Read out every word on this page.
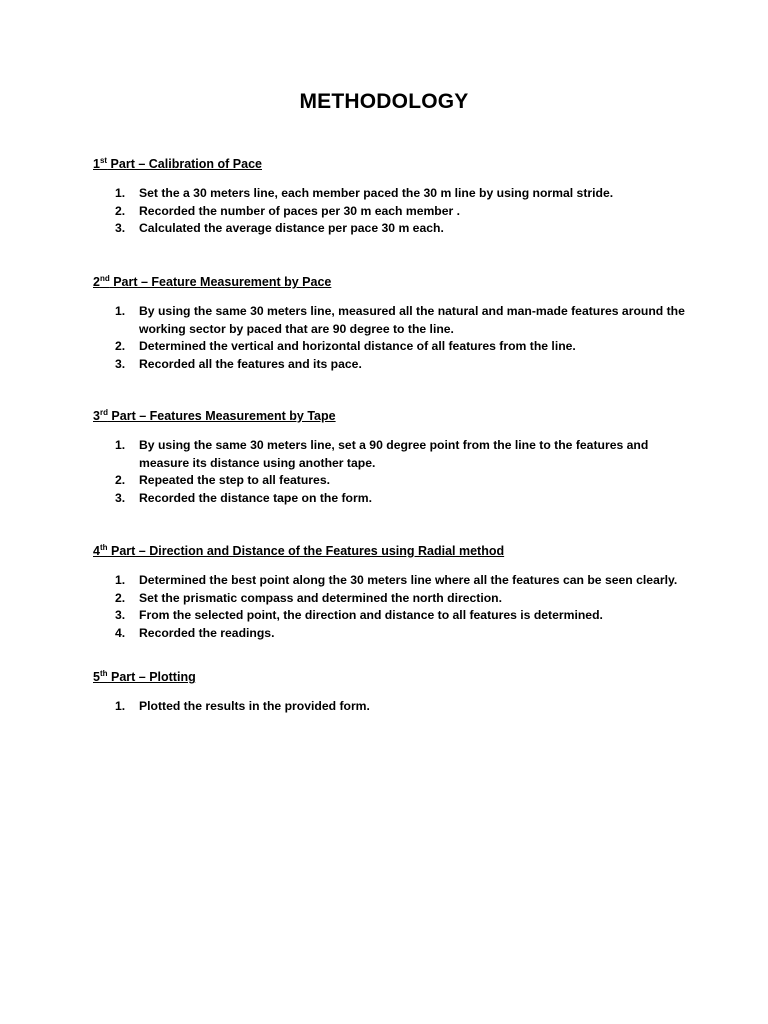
METHODOLOGY

1st Part – Calibration of Pace

1. Set the a 30 meters line, each member paced the 30 m line by using normal stride.
2. Recorded the number of paces per 30 m each member .
3. Calculated the average distance per pace 30 m each.

2nd Part – Feature Measurement by Pace

1. By using the same 30 meters line, measured all the natural and man-made features around the working sector by paced that are 90 degree to the line.
2. Determined the vertical and horizontal distance of all features from the line.
3. Recorded all the features and its pace.

3rd Part – Features Measurement by Tape

1. By using the same 30 meters line, set a 90 degree point from the line to the features and measure its distance using another tape.
2. Repeated the step to all features.
3. Recorded the distance tape on the form.

4th Part – Direction and Distance of the Features using Radial method

1. Determined the best point along the 30 meters line where all the features can be seen clearly.
2. Set the prismatic compass and determined the north direction.
3. From the selected point, the direction and distance to all features is determined.
4. Recorded the readings.

5th Part – Plotting

1. Plotted the results in the provided form.
